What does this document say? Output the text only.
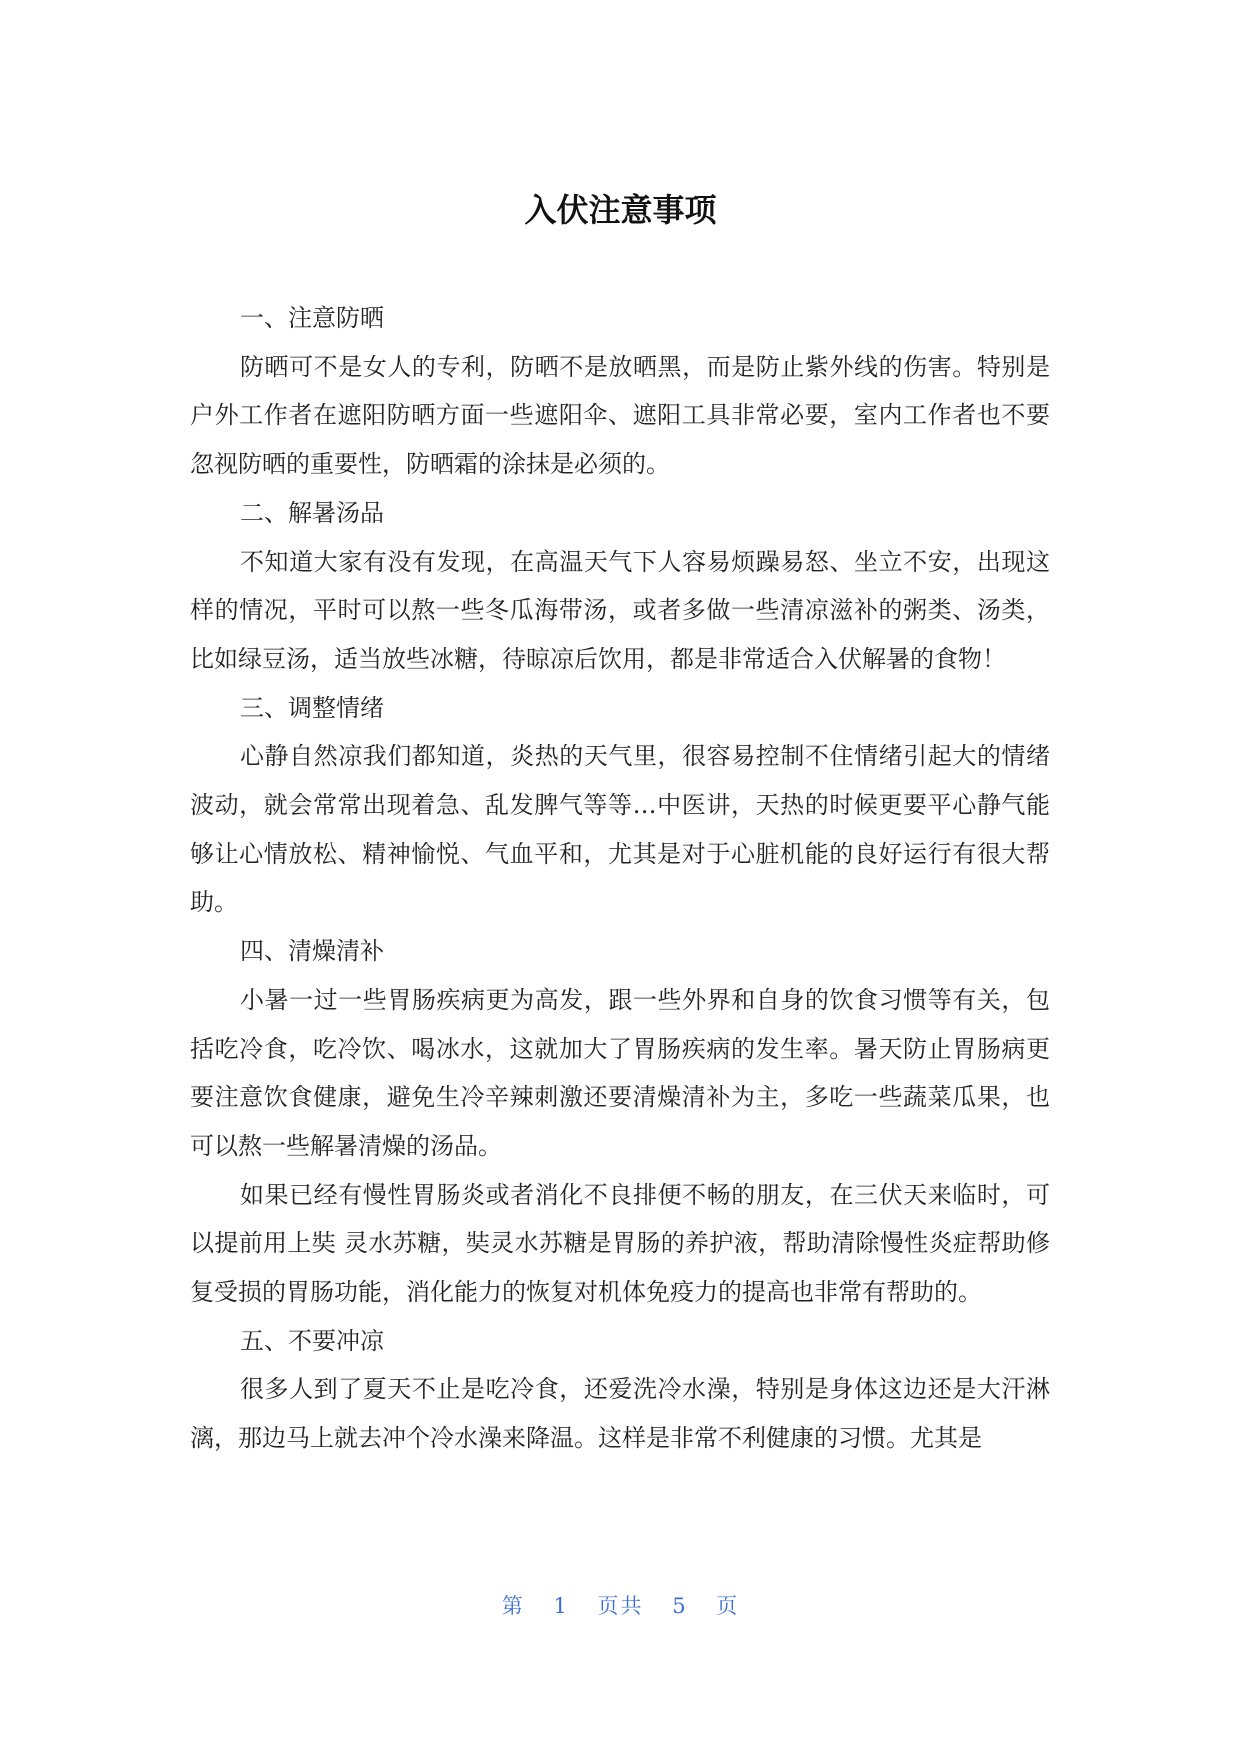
入伏注意事项

一、注意防晒

防晒可不是女人的专利，防晒不是放晒黑，而是防止紫外线的伤害。特别是户外工作者在遮阳防晒方面一些遮阳伞、遮阳工具非常必要，室内工作者也不要忽视防晒的重要性，防晒霜的涂抹是必须的。

二、解暑汤品

不知道大家有没有发现，在高温天气下人容易烦躁易怒、坐立不安，出现这样的情况，平时可以熬一些冬瓜海带汤，或者多做一些清凉滋补的粥类、汤类，比如绿豆汤，适当放些冰糖，待晾凉后饮用，都是非常适合入伏解暑的食物！

三、调整情绪

心静自然凉我们都知道，炎热的天气里，很容易控制不住情绪引起大的情绪波动，就会常常出现着急、乱发脾气等等…中医讲，天热的时候更要平心静气能够让心情放松、精神愉悦、气血平和，尤其是对于心脏机能的良好运行有很大帮助。

四、清燥清补

小暑一过一些胃肠疾病更为高发，跟一些外界和自身的饮食习惯等有关，包括吃冷食，吃冷饮、喝冰水，这就加大了胃肠疾病的发生率。暑天防止胃肠病更要注意饮食健康，避免生冷辛辣刺激还要清燥清补为主，多吃一些蔬菜瓜果，也可以熬一些解暑清燥的汤品。

如果已经有慢性胃肠炎或者消化不良排便不畅的朋友，在三伏天来临时，可以提前用上奘 灵水苏糖，奘灵水苏糖是胃肠的养护液，帮助清除慢性炎症帮助修复受损的胃肠功能，消化能力的恢复对机体免疫力的提高也非常有帮助的。

五、不要冲凉

很多人到了夏天不止是吃冷食，还爱洗冷水澡，特别是身体这边还是大汗淋漓，那边马上就去冲个冷水澡来降温。这样是非常不利健康的习惯。尤其是

第 1 页共 5 页
